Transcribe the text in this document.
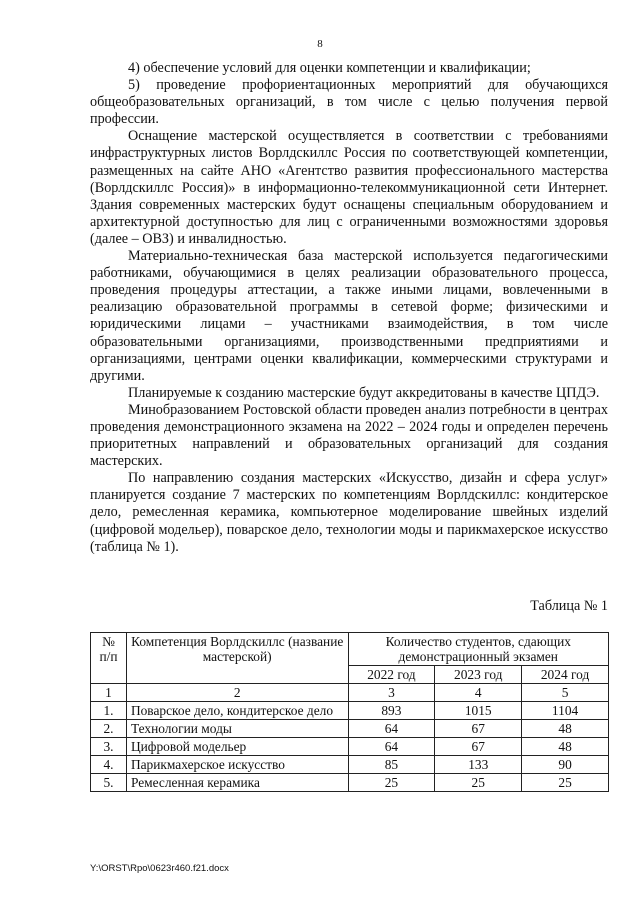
8

4) обеспечение условий для оценки компетенции и квалификации;

5) проведение профориентационных мероприятий для обучающихся общеобразовательных организаций, в том числе с целью получения первой профессии.

Оснащение мастерской осуществляется в соответствии с требованиями инфраструктурных листов Ворлдскиллс Россия по соответствующей компетенции, размещенных на сайте АНО «Агентство развития профессионального мастерства (Ворлдскиллс Россия)» в информационно-телекоммуникационной сети Интернет. Здания современных мастерских будут оснащены специальным оборудованием и архитектурной доступностью для лиц с ограниченными возможностями здоровья (далее – ОВЗ) и инвалидностью.

Материально-техническая база мастерской используется педагогическими работниками, обучающимися в целях реализации образовательного процесса, проведения процедуры аттестации, а также иными лицами, вовлеченными в реализацию образовательной программы в сетевой форме; физическими и юридическими лицами – участниками взаимодействия, в том числе образовательными организациями, производственными предприятиями и организациями, центрами оценки квалификации, коммерческими структурами и другими.

Планируемые к созданию мастерские будут аккредитованы в качестве ЦПДЭ.

Минобразованием Ростовской области проведен анализ потребности в центрах проведения демонстрационного экзамена на 2022 – 2024 годы и определен перечень приоритетных направлений и образовательных организаций для создания мастерских.

По направлению создания мастерских «Искусство, дизайн и сфера услуг» планируется создание 7 мастерских по компетенциям Ворлдскиллс: кондитерское дело, ремесленная керамика, компьютерное моделирование швейных изделий (цифровой модельер), поварское дело, технологии моды и парикмахерское искусство (таблица № 1).

Таблица № 1
№ п/п	Компетенция Ворлдскиллс (название мастерской)	Количество студентов, сдающих демонстрационный экзамен		
		2022 год	2023 год	2024 год
1	2	3	4	5
1.	Поварское дело, кондитерское дело	893	1015	1104
2.	Технологии моды	64	67	48
3.	Цифровой модельер	64	67	48
4.	Парикмахерское искусство	85	133	90
5.	Ремесленная керамика	25	25	25
Y:\ORST\Rpo\0623r460.f21.docx
